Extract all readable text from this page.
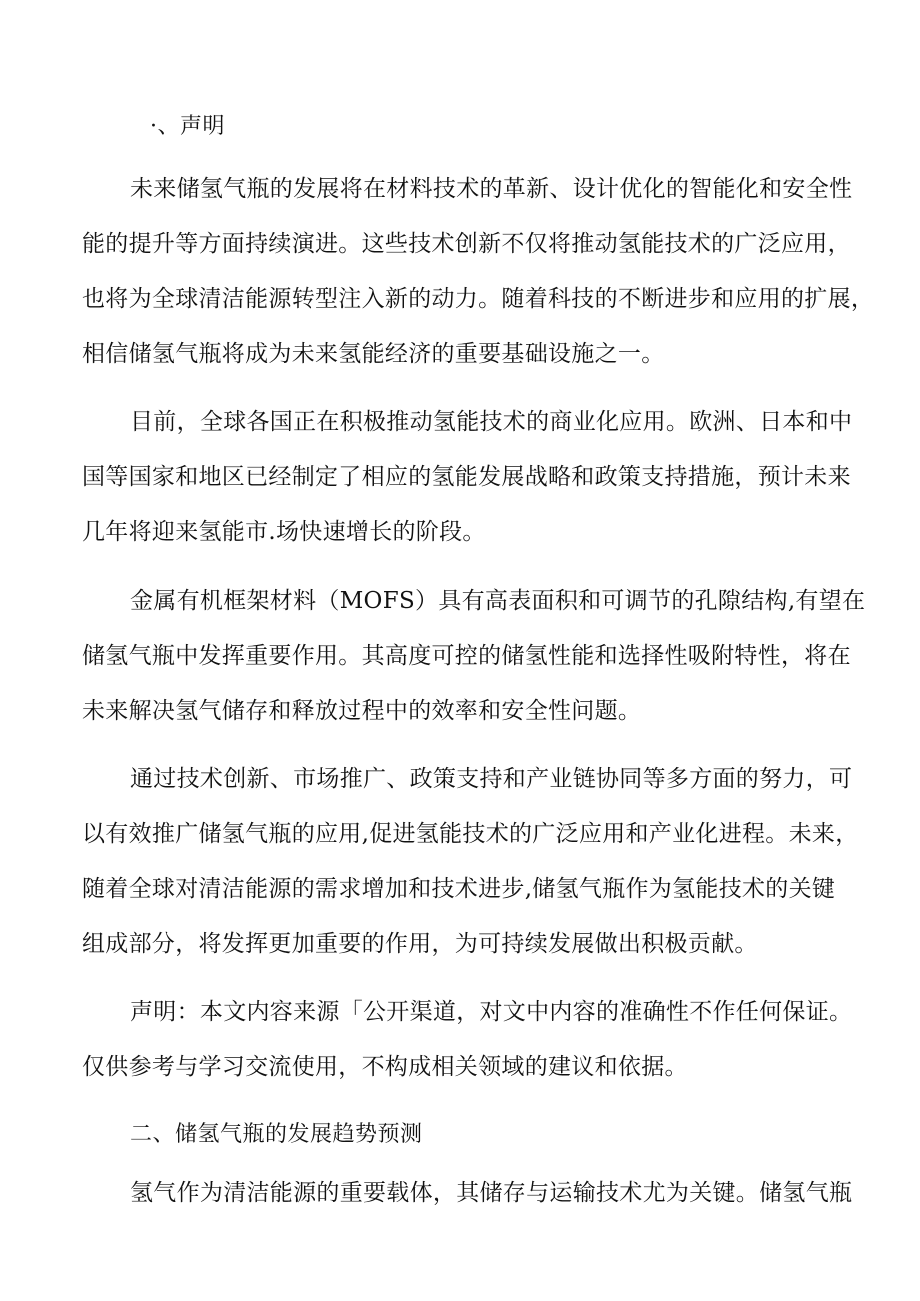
·、声明
未来储氢气瓶的发展将在材料技术的革新、设计优化的智能化和安全性
能的提升等方面持续演进。这些技术创新不仅将推动氢能技术的广泛应用，
也将为全球清洁能源转型注入新的动力。随着科技的不断进步和应用的扩展，
相信储氢气瓶将成为未来氢能经济的重要基础设施之一。
目前，全球各国正在积极推动氢能技术的商业化应用。欧洲、日本和中
国等国家和地区已经制定了相应的氢能发展战略和政策支持措施，预计未来
几年将迎来氢能市.场快速增长的阶段。
金属有机框架材料（MOFS）具有高表面积和可调节的孔隙结构,有望在
储氢气瓶中发挥重要作用。其高度可控的储氢性能和选择性吸附特性，将在
未来解决氢气储存和释放过程中的效率和安全性问题。
通过技术创新、市场推广、政策支持和产业链协同等多方面的努力，可
以有效推广储氢气瓶的应用,促进氢能技术的广泛应用和产业化进程。未来，
随着全球对清洁能源的需求增加和技术进步,储氢气瓶作为氢能技术的关键
组成部分，将发挥更加重要的作用，为可持续发展做出积极贡献。
声明：本文内容来源「公开渠道，对文中内容的准确性不作任何保证。
仅供参考与学习交流使用，不构成相关领域的建议和依据。
二、储氢气瓶的发展趋势预测
氢气作为清洁能源的重要载体，其储存与运输技术尤为关键。储氢气瓶
